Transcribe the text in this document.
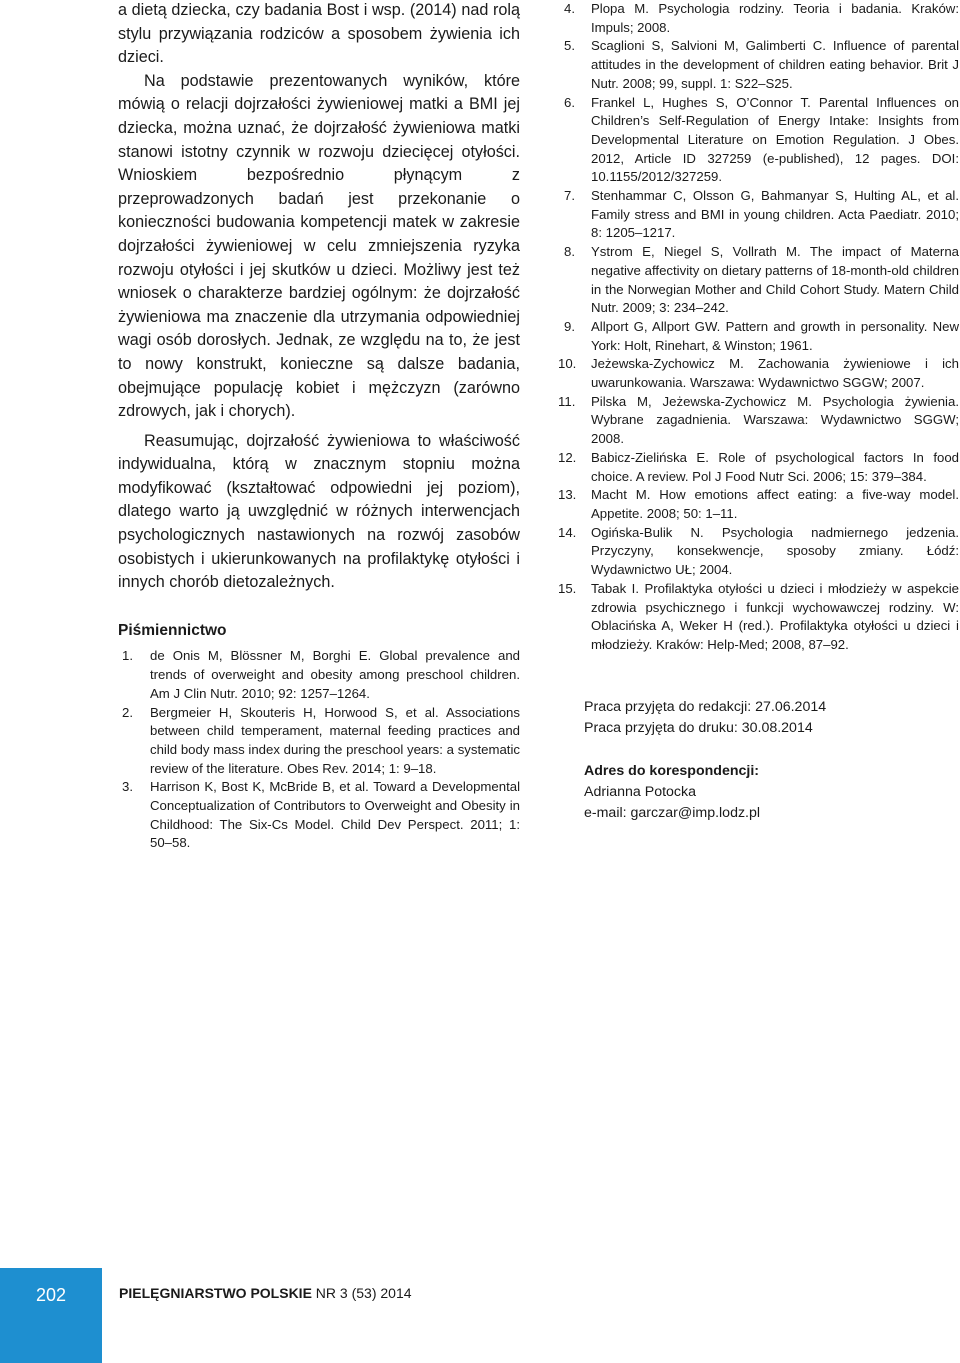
a dietą dziecka, czy badania Bost i wsp. (2014) nad rolą stylu przywiązania rodziców a sposobem żywienia ich dzieci.

Na podstawie prezentowanych wyników, które mówią o relacji dojrzałości żywieniowej matki a BMI jej dziecka, można uznać, że dojrzałość żywieniowa matki stanowi istotny czynnik w rozwoju dziecięcej otyłości. Wnioskiem bezpośrednio płynącym z przeprowadzonych badań jest przekonanie o konieczności budowania kompetencji matek w zakresie dojrzałości żywieniowej w celu zmniejszenia ryzyka rozwoju otyłości i jej skutków u dzieci. Możliwy jest też wniosek o charakterze bardziej ogólnym: że dojrzałość żywieniowa ma znaczenie dla utrzymania odpowiedniej wagi osób dorosłych. Jednak, ze względu na to, że jest to nowy konstrukt, konieczne są dalsze badania, obejmujące populację kobiet i mężczyzn (zarówno zdrowych, jak i chorych).

Reasumując, dojrzałość żywieniowa to właściwość indywidualna, którą w znacznym stopniu można modyfikować (kształtować odpowiedni jej poziom), dlatego warto ją uwzględnić w różnych interwencjach psychologicznych nastawionych na rozwój zasobów osobistych i ukierunkowanych na profilaktykę otyłości i innych chorób dietozależnych.

Piśmiennictwo
1. de Onis M, Blössner M, Borghi E. Global prevalence and trends of overweight and obesity among preschool children. Am J Clin Nutr. 2010; 92: 1257–1264.
2. Bergmeier H, Skouteris H, Horwood S, et al. Associations between child temperament, maternal feeding practices and child body mass index during the preschool years: a systematic review of the literature. Obes Rev. 2014; 1: 9–18.
3. Harrison K, Bost K, McBride B, et al. Toward a Developmental Conceptualization of Contributors to Overweight and Obesity in Childhood: The Six-Cs Model. Child Dev Perspect. 2011; 1: 50–58.
4. Plopa M. Psychologia rodziny. Teoria i badania. Kraków: Impuls; 2008.
5. Scaglioni S, Salvioni M, Galimberti C. Influence of parental attitudes in the development of children eating behavior. Brit J Nutr. 2008; 99, suppl. 1: S22–S25.
6. Frankel L, Hughes S, O’Connor T. Parental Influences on Children’s Self-Regulation of Energy Intake: Insights from Developmental Literature on Emotion Regulation. J Obes. 2012, Article ID 327259 (e-published), 12 pages. DOI: 10.1155/2012/327259.
7. Stenhammar C, Olsson G, Bahmanyar S, Hulting AL, et al. Family stress and BMI in young children. Acta Paediatr. 2010; 8: 1205–1217.
8. Ystrom E, Niegel S, Vollrath M. The impact of Materna negative affectivity on dietary patterns of 18-month-old children in the Norwegian Mother and Child Cohort Study. Matern Child Nutr. 2009; 3: 234–242.
9. Allport G, Allport GW. Pattern and growth in personality. New York: Holt, Rinehart, & Winston; 1961.
10. Jeżewska-Zychowicz M. Zachowania żywieniowe i ich uwarunkowania. Warszawa: Wydawnictwo SGGW; 2007.
11. Pilska M, Jeżewska-Zychowicz M. Psychologia żywienia. Wybrane zagadnienia. Warszawa: Wydawnictwo SGGW; 2008.
12. Babicz-Zielińska E. Role of psychological factors In food choice. A review. Pol J Food Nutr Sci. 2006; 15: 379–384.
13. Macht M. How emotions affect eating: a five-way model. Appetite. 2008; 50: 1–11.
14. Ogińska-Bulik N. Psychologia nadmiernego jedzenia. Przyczyny, konsekwencje, sposoby zmiany. Łódź: Wydawnictwo UŁ; 2004.
15. Tabak I. Profilaktyka otyłości u dzieci i młodzieży w aspekcie zdrowia psychicznego i funkcji wychowawczej rodziny. W: Oblacińska A, Weker H (red.). Profilaktyka otyłości u dzieci i młodzieży. Kraków: Help-Med; 2008, 87–92.
Praca przyjęta do redakcji: 27.06.2014
Praca przyjęta do druku: 30.08.2014
Adres do korespondencji:
Adrianna Potocka
e-mail: garczar@imp.lodz.pl
202	PIELĘGNIARSTWO POLSKIE NR 3 (53) 2014
